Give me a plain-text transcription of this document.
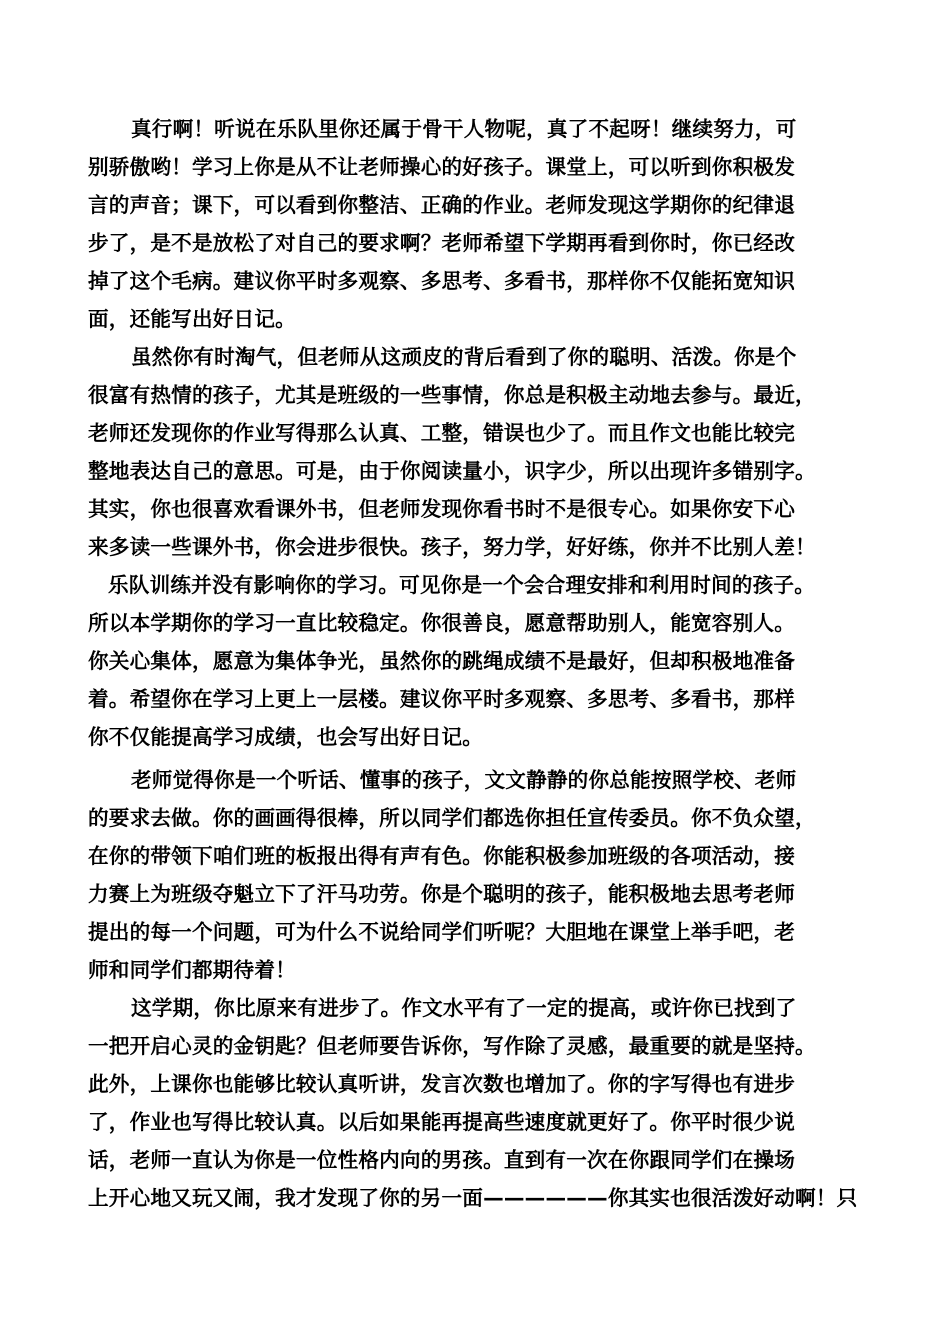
真行啊！听说在乐队里你还属于骨干人物呢，真了不起呀！继续努力，可

别骄傲哟！学习上你是从不让老师操心的好孩子。课堂上，可以听到你积极发

言的声音；课下，可以看到你整洁、正确的作业。老师发现这学期你的纪律退

步了，是不是放松了对自己的要求啊？老师希望下学期再看到你时，你已经改

掉了这个毛病。建议你平时多观察、多思考、多看书，那样你不仅能拓宽知识

面，还能写出好日记。

虽然你有时淘气，但老师从这顽皮的背后看到了你的聪明、活泼。你是个

很富有热情的孩子，尤其是班级的一些事情，你总是积极主动地去参与。最近，

老师还发现你的作业写得那么认真、工整，错误也少了。而且作文也能比较完

整地表达自己的意思。可是，由于你阅读量小，识字少，所以出现许多错别字。

其实，你也很喜欢看课外书，但老师发现你看书时不是很专心。如果你安下心

来多读一些课外书，你会进步很快。孩子，努力学，好好练，你并不比别人差！

乐队训练并没有影响你的学习。可见你是一个会合理安排和利用时间的孩子。

所以本学期你的学习一直比较稳定。你很善良，愿意帮助别人，能宽容别人。

你关心集体，愿意为集体争光，虽然你的跳绳成绩不是最好，但却积极地准备

着。希望你在学习上更上一层楼。建议你平时多观察、多思考、多看书，那样

你不仅能提高学习成绩，也会写出好日记。

老师觉得你是一个听话、懂事的孩子，文文静静的你总能按照学校、老师

的要求去做。你的画画得很棒，所以同学们都选你担任宣传委员。你不负众望，

在你的带领下咱们班的板报出得有声有色。你能积极参加班级的各项活动，接

力赛上为班级夺魁立下了汗马功劳。你是个聪明的孩子，能积极地去思考老师

提出的每一个问题，可为什么不说给同学们听呢？大胆地在课堂上举手吧，老

师和同学们都期待着！

这学期，你比原来有进步了。作文水平有了一定的提高，或许你已找到了

一把开启心灵的金钥匙？但老师要告诉你，写作除了灵感，最重要的就是坚持。

此外，上课你也能够比较认真听讲，发言次数也增加了。你的字写得也有进步

了，作业也写得比较认真。以后如果能再提高些速度就更好了。你平时很少说

话，老师一直认为你是一位性格内向的男孩。直到有一次在你跟同学们在操场

上开心地又玩又闹，我才发现了你的另一面——————你其实也很活泼好动啊！只
